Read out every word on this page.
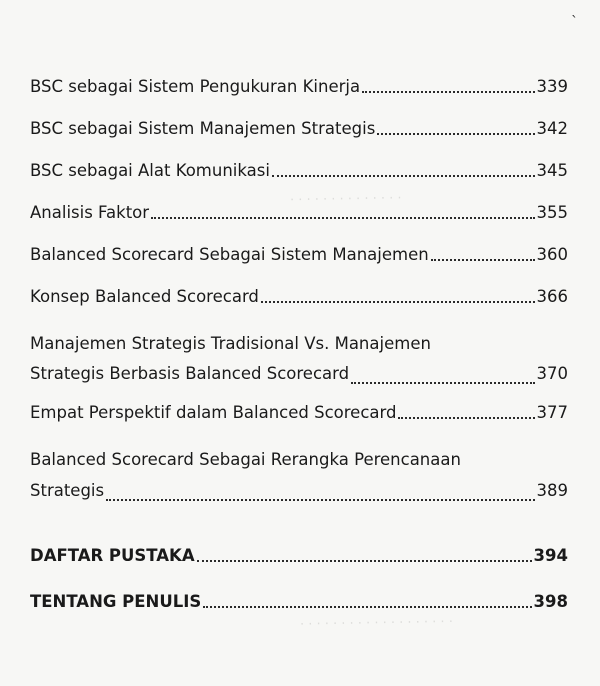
· · · · · · · · · · · · · ·
· · · · · · · · · · · · · · · · · · ·
ˎ
BSC sebagai Sistem Pengukuran Kinerja	339
BSC sebagai Sistem Manajemen Strategis	342
BSC sebagai Alat Komunikasi	345
Analisis Faktor	355
Balanced Scorecard Sebagai Sistem Manajemen	360
Konsep Balanced Scorecard	366
Manajemen Strategis Tradisional Vs. Manajemen
Strategis Berbasis Balanced Scorecard	370
Empat Perspektif dalam Balanced Scorecard	377
Balanced Scorecard Sebagai Rerangka Perencanaan
Strategis	389
DAFTAR PUSTAKA	394
TENTANG PENULIS	398
